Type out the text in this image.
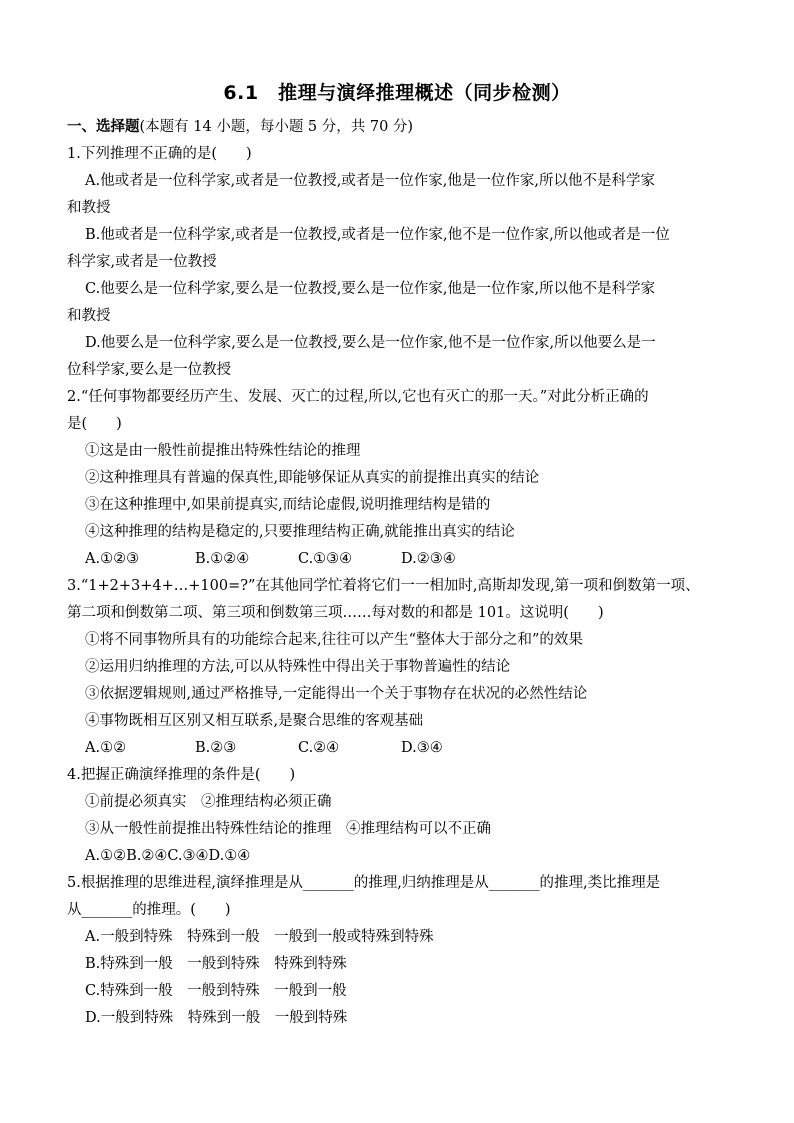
6.1　推理与演绎推理概述（同步检测）
一、选择题(本题有 14 小题，每小题 5 分，共 70 分)
1.下列推理不正确的是(　　)
A.他或者是一位科学家,或者是一位教授,或者是一位作家,他是一位作家,所以他不是科学家
和教授
B.他或者是一位科学家,或者是一位教授,或者是一位作家,他不是一位作家,所以他或者是一位
科学家,或者是一位教授
C.他要么是一位科学家,要么是一位教授,要么是一位作家,他是一位作家,所以他不是科学家
和教授
D.他要么是一位科学家,要么是一位教授,要么是一位作家,他不是一位作家,所以他要么是一
位科学家,要么是一位教授
2.“任何事物都要经历产生、发展、灭亡的过程,所以,它也有灭亡的那一天。”对此分析正确的
是(　　)
①这是由一般性前提推出特殊性结论的推理
②这种推理具有普遍的保真性,即能够保证从真实的前提推出真实的结论
③在这种推理中,如果前提真实,而结论虚假,说明推理结构是错的
④这种推理的结构是稳定的,只要推理结构正确,就能推出真实的结论
A.①②③	B.①②④	C.①③④	D.②③④
3.“1+2+3+4+…+100=?”在其他同学忙着将它们一一相加时,高斯却发现,第一项和倒数第一项、
第二项和倒数第二项、第三项和倒数第三项……每对数的和都是 101。这说明(　　)
①将不同事物所具有的功能综合起来,往往可以产生“整体大于部分之和”的效果
②运用归纳推理的方法,可以从特殊性中得出关于事物普遍性的结论
③依据逻辑规则,通过严格推导,一定能得出一个关于事物存在状况的必然性结论
④事物既相互区别又相互联系,是聚合思维的客观基础
A.①②	B.②③	C.②④	D.③④
4.把握正确演绎推理的条件是(　　)
①前提必须真实　②推理结构必须正确
③从一般性前提推出特殊性结论的推理　④推理结构可以不正确
A.①②B.②④C.③④D.①④
5.根据推理的思维进程,演绎推理是从_______的推理,归纳推理是从_______的推理,类比推理是
从_______的推理。(　　)
A.一般到特殊　特殊到一般　一般到一般或特殊到特殊
B.特殊到一般　一般到特殊　特殊到特殊
C.特殊到一般　一般到特殊　一般到一般
D.一般到特殊　特殊到一般　一般到特殊
